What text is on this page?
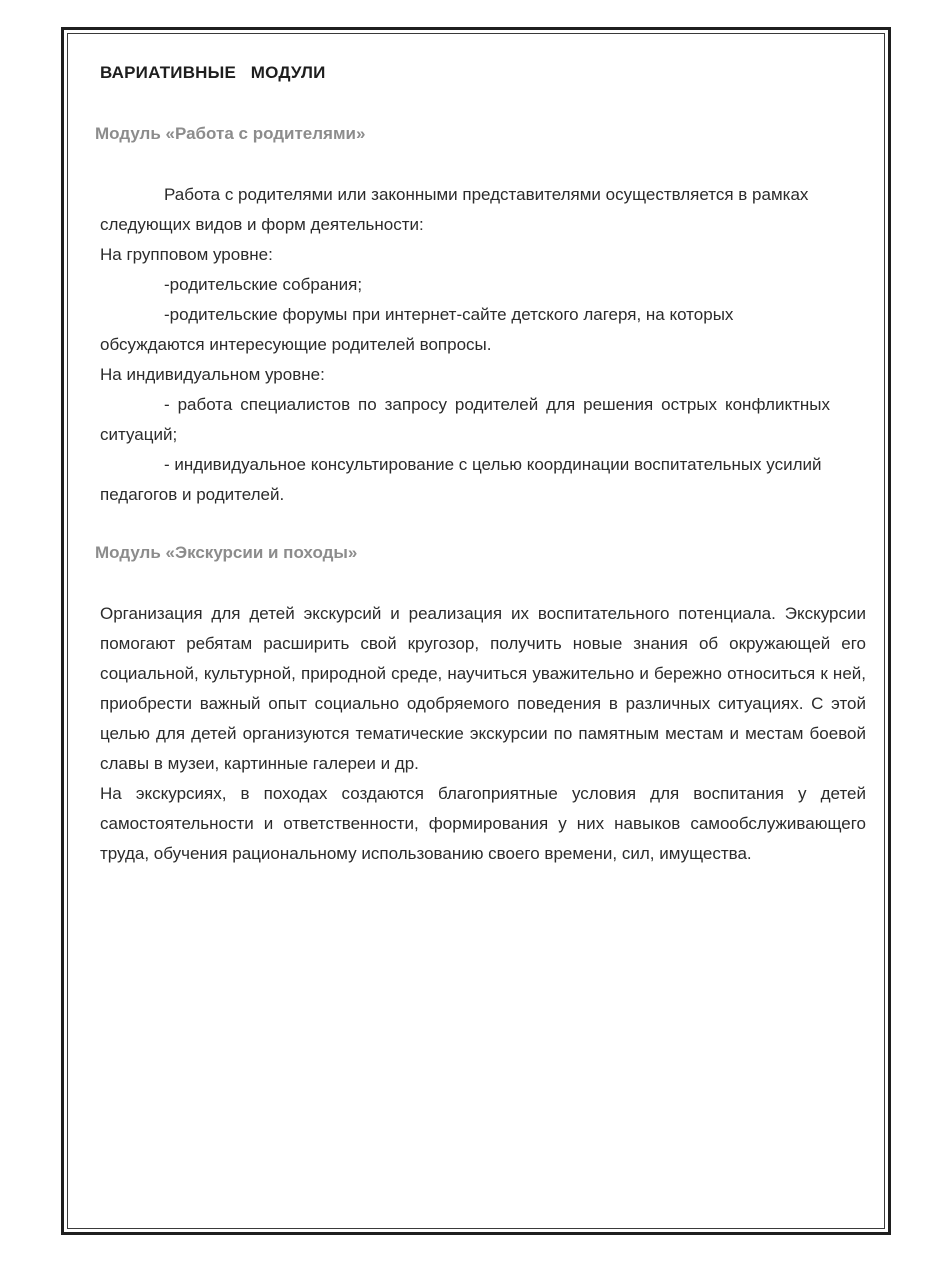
ВАРИАТИВНЫЕ   МОДУЛИ
Модуль «Работа с родителями»

Работа с родителями или законными представителями осуществляется в рамках следующих видов и форм деятельности:

На групповом уровне:

-родительские собрания;

-родительские форумы при интернет-сайте детского лагеря, на которых обсуждаются интересующие родителей вопросы.

На индивидуальном уровне:

- работа специалистов по запросу родителей для решения острых конфликтных ситуаций;

- индивидуальное консультирование с целью координации воспитательных усилий педагогов и родителей.

Модуль «Экскурсии и походы»

Организация для детей экскурсий и реализация их воспитательного потенциала. Экскурсии помогают ребятам расширить свой кругозор, получить новые знания об окружающей его социальной, культурной, природной среде, научиться уважительно и бережно относиться к ней, приобрести важный опыт социально одобряемого поведения в различных ситуациях. С этой целью для детей организуются тематические экскурсии по памятным местам и местам боевой славы в музеи, картинные галереи и др.

На экскурсиях, в походах создаются благоприятные условия для воспитания у детей самостоятельности и ответственности, формирования у них навыков самообслуживающего труда, обучения рациональному использованию своего времени, сил, имущества.
